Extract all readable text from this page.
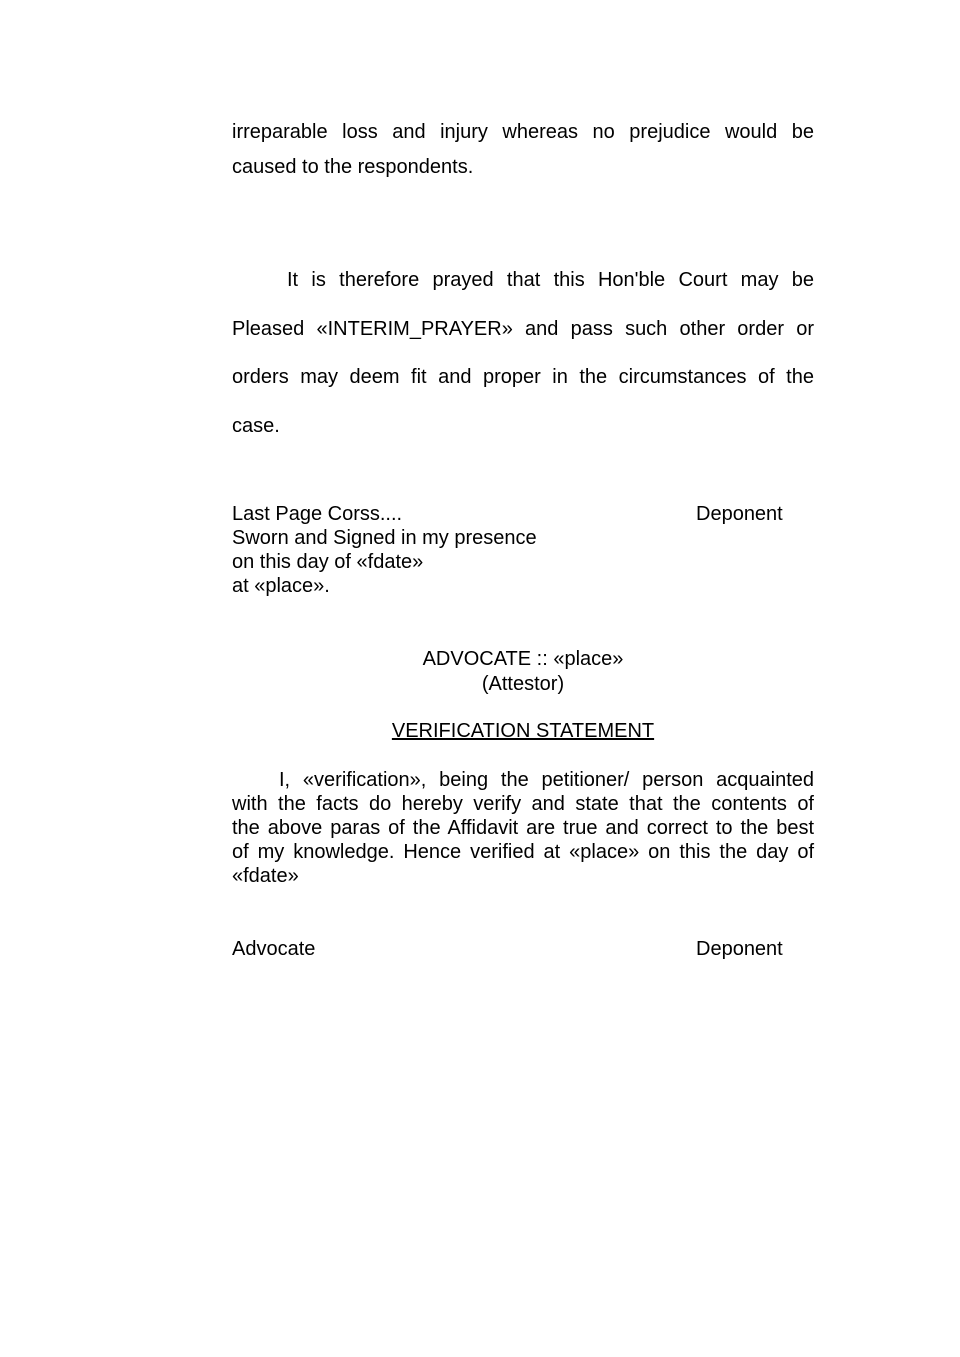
irreparable loss and injury whereas no prejudice would be
caused to the respondents.
It is therefore prayed that this Hon'ble Court may be
Pleased «INTERIM_PRAYER» and pass such other order or
orders may deem fit and proper in the circumstances of the
case.
Last Page Corss....	Deponent
Sworn and Signed in my presence
on this day of «fdate»
at «place».
ADVOCATE :: «place»
(Attestor)
VERIFICATION STATEMENT
I, «verification», being the petitioner/ person acquainted
with the facts do hereby verify and state that the contents of
the above paras of the Affidavit are true and correct to the best
of my knowledge. Hence verified at «place» on this the day of
«fdate»
Advocate	Deponent
